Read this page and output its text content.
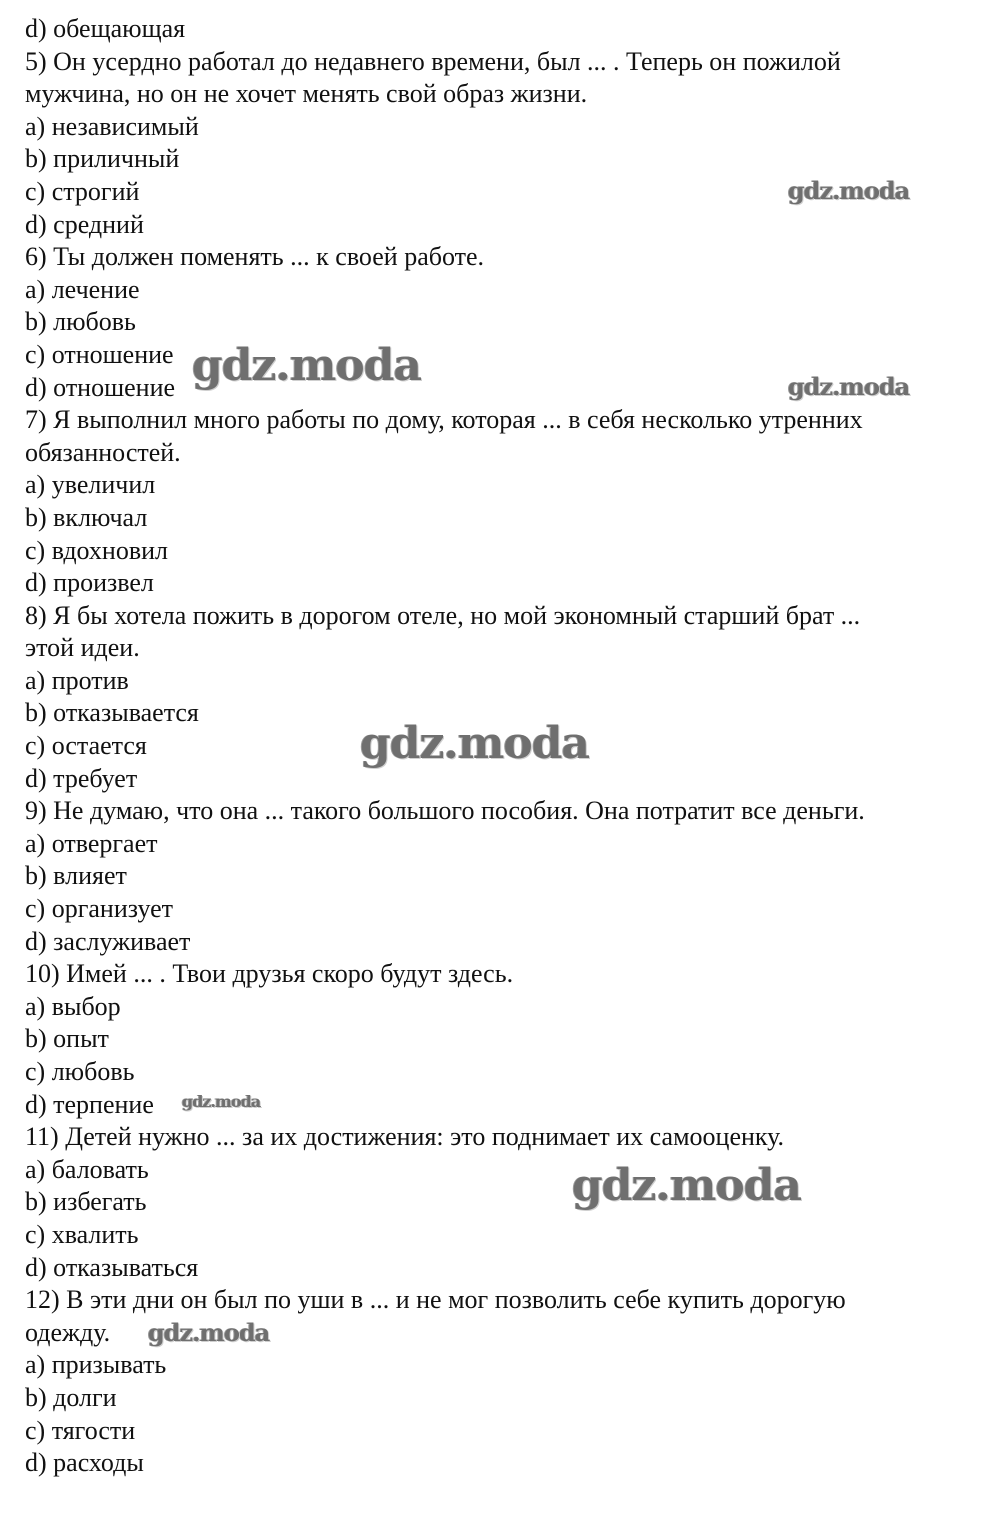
d) обещающая
5) Он усердно работал до недавнего времени, был ... . Теперь он пожилой
мужчина, но он не хочет менять свой образ жизни.
a) независимый
b) приличный
c) строгий
d) средний
6) Ты должен поменять ... к своей работе.
a) лечение
b) любовь
c) отношение
d) отношение
7) Я выполнил много работы по дому, которая ... в себя несколько утренних
обязанностей.
a) увеличил
b) включал
c) вдохновил
d) произвел
8) Я бы хотела пожить в дорогом отеле, но мой экономный старший брат ...
этой идеи.
a) против
b) отказывается
c) остается
d) требует
9) Не думаю, что она ... такого большого пособия. Она потратит все деньги.
a) отвергает
b) влияет
c) организует
d) заслуживает
10) Имей ... . Твои друзья скоро будут здесь.
a) выбор
b) опыт
c) любовь
d) терпение
11) Детей нужно ... за их достижения: это поднимает их самооценку.
a) баловать
b) избегать
c) хвалить
d) отказываться
12) В эти дни он был по уши в ... и не мог позволить себе купить дорогую
одежду.
a) призывать
b) долги
c) тягости
d) расходы
gdz.moda
gdz.moda	gdz.moda
gdz.moda
gdz.moda
gdz.moda
gdz.moda
